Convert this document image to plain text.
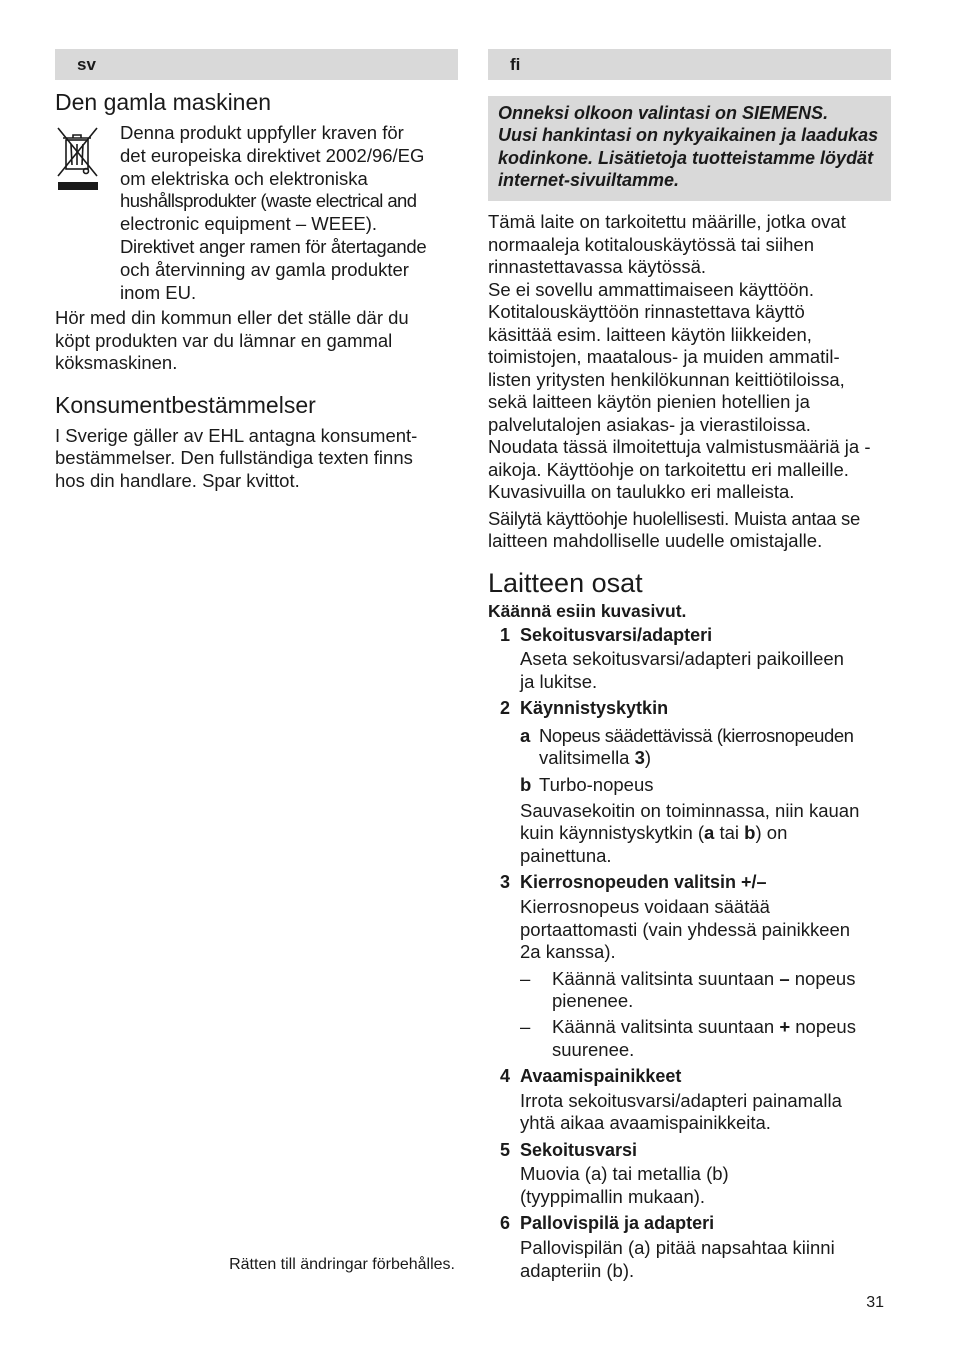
sv
Den gamla maskinen

Denna produkt uppfyller kraven för

det europeiska direktivet 2002/96/EG

om elektriska och elektroniska

hushållsprodukter (waste electrical and

electronic equipment – WEEE).

Direktivet anger ramen för återtagande

och återvinning av gamla produkter

inom EU.

Hör med din kommun eller det ställe där du

köpt produkten var du lämnar en gammal

köksmaskinen.

Konsumentbestämmelser

I Sverige gäller av EHL antagna konsument-

bestämmelser. Den fullständiga texten finns

hos din handlare. Spar kvittot.

Rätten till ändringar förbehålles.
fi

Onneksi olkoon valintasi on SIEMENS.

Uusi hankintasi on nykyaikainen ja laadukas

kodinkone. Lisätietoja tuotteistamme löydät

internet-sivuiltamme.

Tämä laite on tarkoitettu määrille, jotka ovat

normaaleja kotitalouskäytössä tai siihen

rinnastettavassa käytössä.

Se ei sovellu ammattimaiseen käyttöön.

Kotitalouskäyttöön rinnastettava käyttö

käsittää esim. laitteen käytön liikkeiden,

toimistojen, maatalous- ja muiden ammatil-

listen yritysten henkilökunnan keittiötiloissa,

sekä laitteen käytön pienien hotellien ja

palvelutalojen asiakas- ja vierastiloissa.

Noudata tässä ilmoitettuja valmistusmääriä ja -

aikoja. Käyttöohje on tarkoitettu eri malleille.

Kuvasivuilla on taulukko eri malleista.

Säilytä käyttöohje huolellisesti. Muista antaa se

laitteen mahdolliselle uudelle omistajalle.

Laitteen osat

Käännä esiin kuvasivut.

1 Sekoitusvarsi/adapteri

Aseta sekoitusvarsi/adapteri paikoilleen

ja lukitse.

2 Käynnistyskytkin
a Nopeus säädettävissä (kierrosnopeuden
valitsimella 3)
b Turbo-nopeus

Sauvasekoitin on toiminnassa, niin kauan

kuin käynnistyskytkin (a tai b) on

painettuna.

3 Kierrosnopeuden valitsin +/–

Kierrosnopeus voidaan säätää

portaattomasti (vain yhdessä painikkeen

2a kanssa).

–	Käännä valitsinta suuntaan – nopeus
pienenee.
–	Käännä valitsinta suuntaan + nopeus
suurenee.
4 Avaamispainikkeet

Irrota sekoitusvarsi/adapteri painamalla

yhtä aikaa avaamispainikkeita.

5 Sekoitusvarsi

Muovia (a) tai metallia (b)

(tyyppimallin mukaan).

6 Pallovispilä ja adapteri

Pallovispilän (a) pitää napsahtaa kiinni

adapteriin (b).

31
